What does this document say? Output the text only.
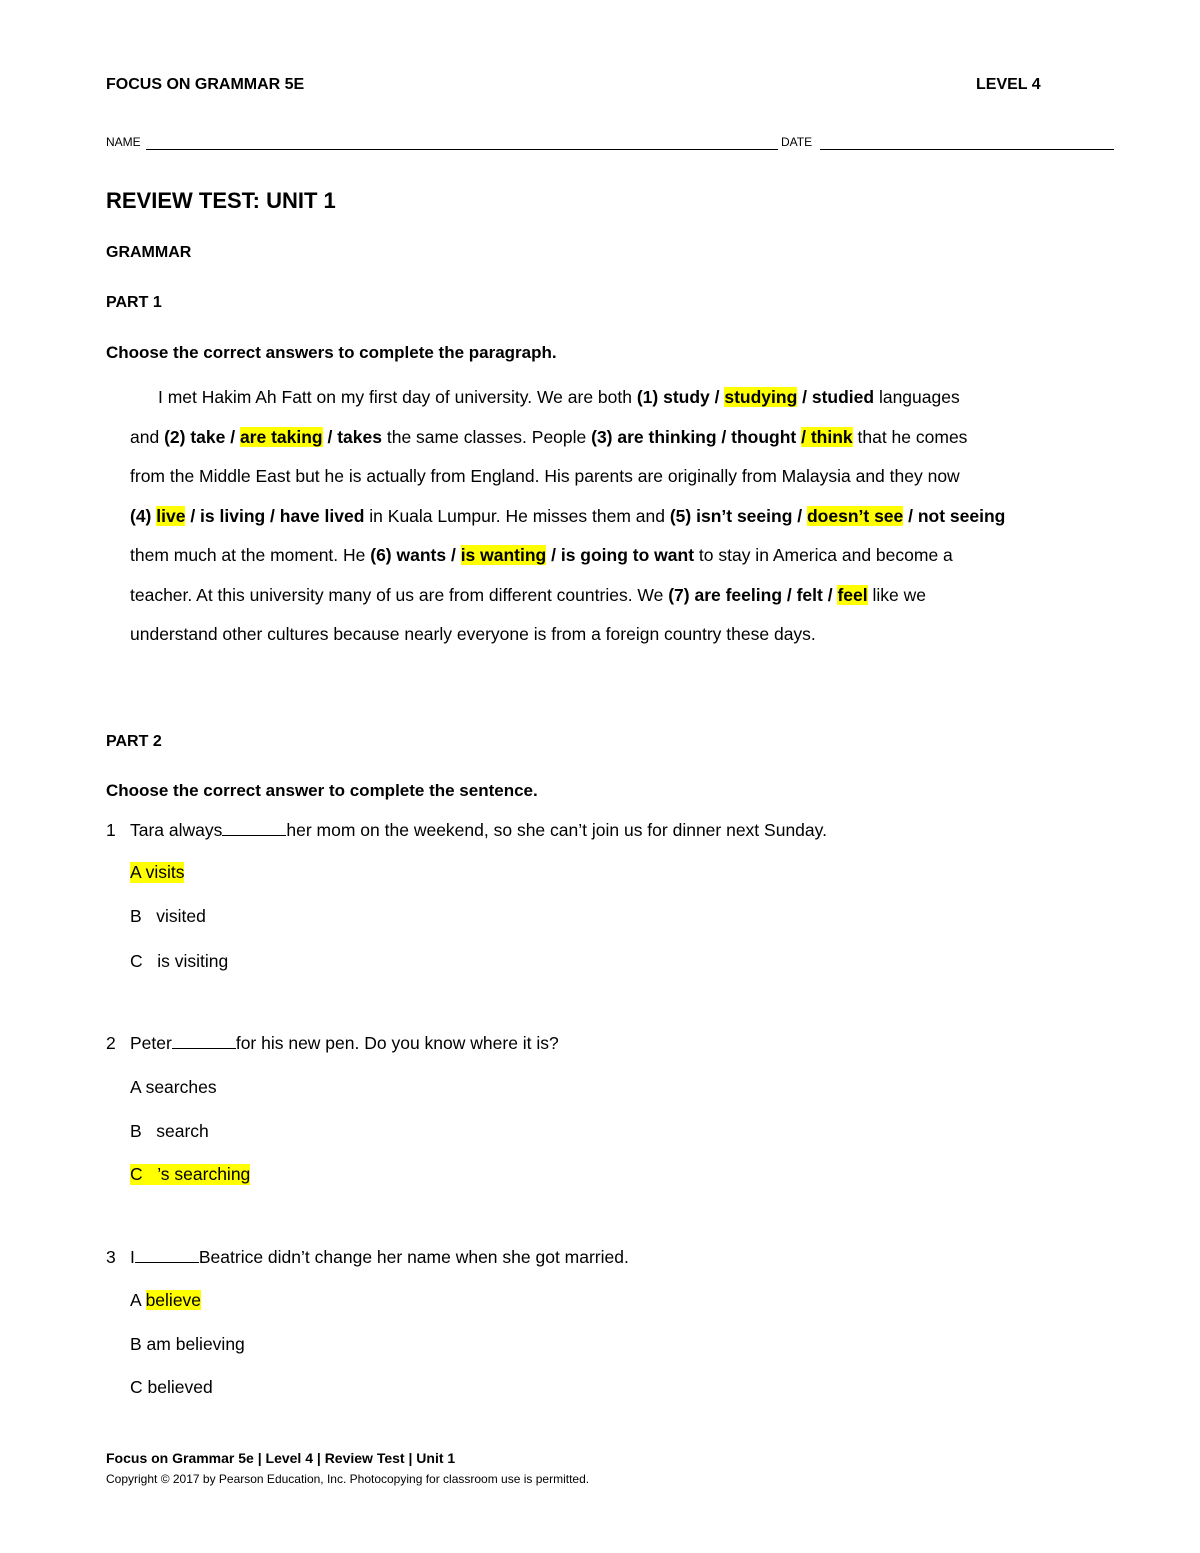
FOCUS ON GRAMMAR 5E	LEVEL 4
NAME	DATE
REVIEW TEST: UNIT 1
GRAMMAR
PART 1
Choose the correct answers to complete the paragraph.
I met Hakim Ah Fatt on my first day of university. We are both (1) study / studying / studied languages
and (2) take / are taking / takes the same classes. People (3) are thinking / thought / think that he comes
from the Middle East but he is actually from England. His parents are originally from Malaysia and they now
(4) live / is living / have lived in Kuala Lumpur. He misses them and (5) isn’t seeing / doesn’t see / not seeing
them much at the moment. He (6) wants / is wanting / is going to want to stay in America and become a
teacher. At this university many of us are from different countries. We (7) are feeling / felt / feel like we
understand other cultures because nearly everyone is from a foreign country these days.
PART 2
Choose the correct answer to complete the sentence.
1 Tara always	her mom on the weekend, so she can’t join us for dinner next Sunday.
A visits
B   visited
C   is visiting
2 Peter	for his new pen. Do you know where it is?
A searches
B   search
C   ’s searching
3 I	Beatrice didn’t change her name when she got married.
A believe
B am believing
C believed
Focus on Grammar 5e | Level 4 | Review Test | Unit 1
Copyright © 2017 by Pearson Education, Inc. Photocopying for classroom use is permitted.
